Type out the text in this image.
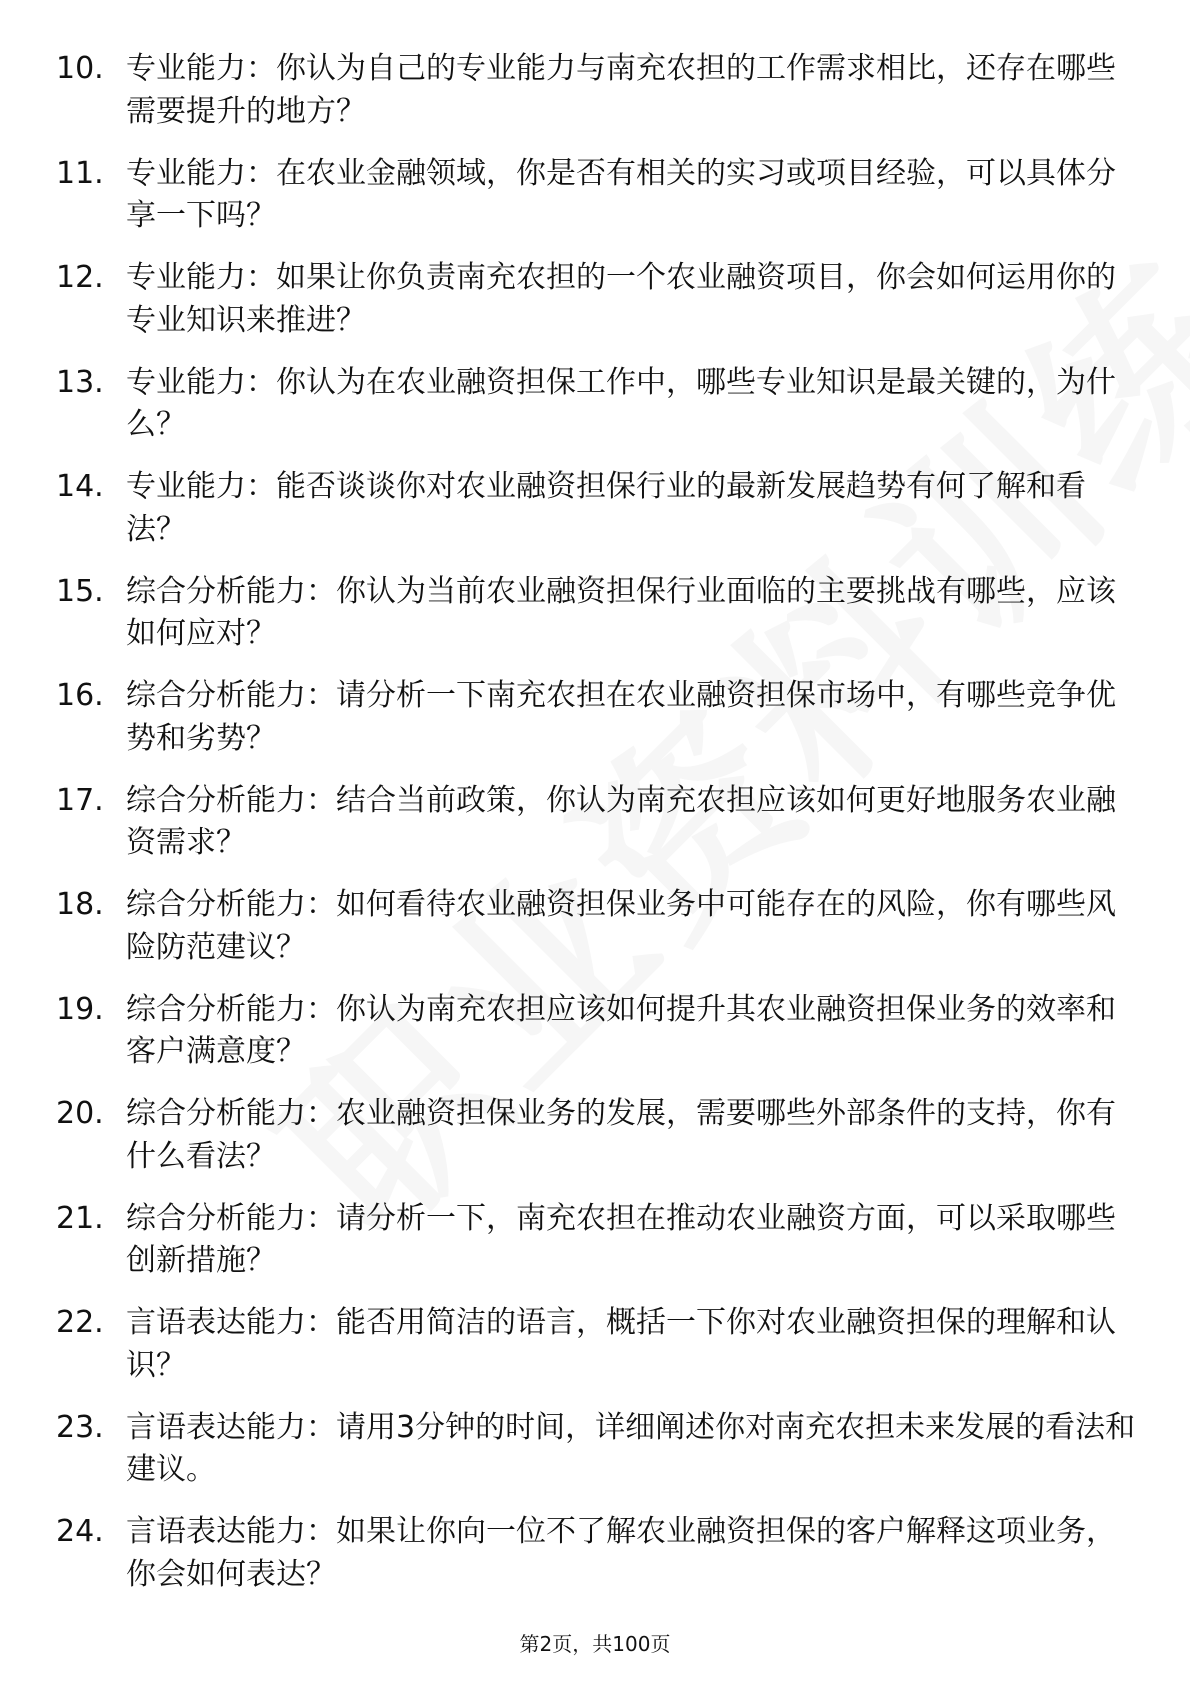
10. 专业能力：你认为自己的专业能力与南充农担的工作需求相比，还存在哪些需要提升的地方？
11. 专业能力：在农业金融领域，你是否有相关的实习或项目经验，可以具体分享一下吗？
12. 专业能力：如果让你负责南充农担的一个农业融资项目，你会如何运用你的专业知识来推进？
13. 专业能力：你认为在农业融资担保工作中，哪些专业知识是最关键的，为什么？
14. 专业能力：能否谈谈你对农业融资担保行业的最新发展趋势有何了解和看法？
15. 综合分析能力：你认为当前农业融资担保行业面临的主要挑战有哪些，应该如何应对？
16. 综合分析能力：请分析一下南充农担在农业融资担保市场中，有哪些竞争优势和劣势？
17. 综合分析能力：结合当前政策，你认为南充农担应该如何更好地服务农业融资需求？
18. 综合分析能力：如何看待农业融资担保业务中可能存在的风险，你有哪些风险防范建议？
19. 综合分析能力：你认为南充农担应该如何提升其农业融资担保业务的效率和客户满意度？
20. 综合分析能力：农业融资担保业务的发展，需要哪些外部条件的支持，你有什么看法？
21. 综合分析能力：请分析一下，南充农担在推动农业融资方面，可以采取哪些创新措施？
22. 言语表达能力：能否用简洁的语言，概括一下你对农业融资担保的理解和认识？
23. 言语表达能力：请用3分钟的时间，详细阐述你对南充农担未来发展的看法和建议。
24. 言语表达能力：如果让你向一位不了解农业融资担保的客户解释这项业务，你会如何表达？
第2页，共100页
